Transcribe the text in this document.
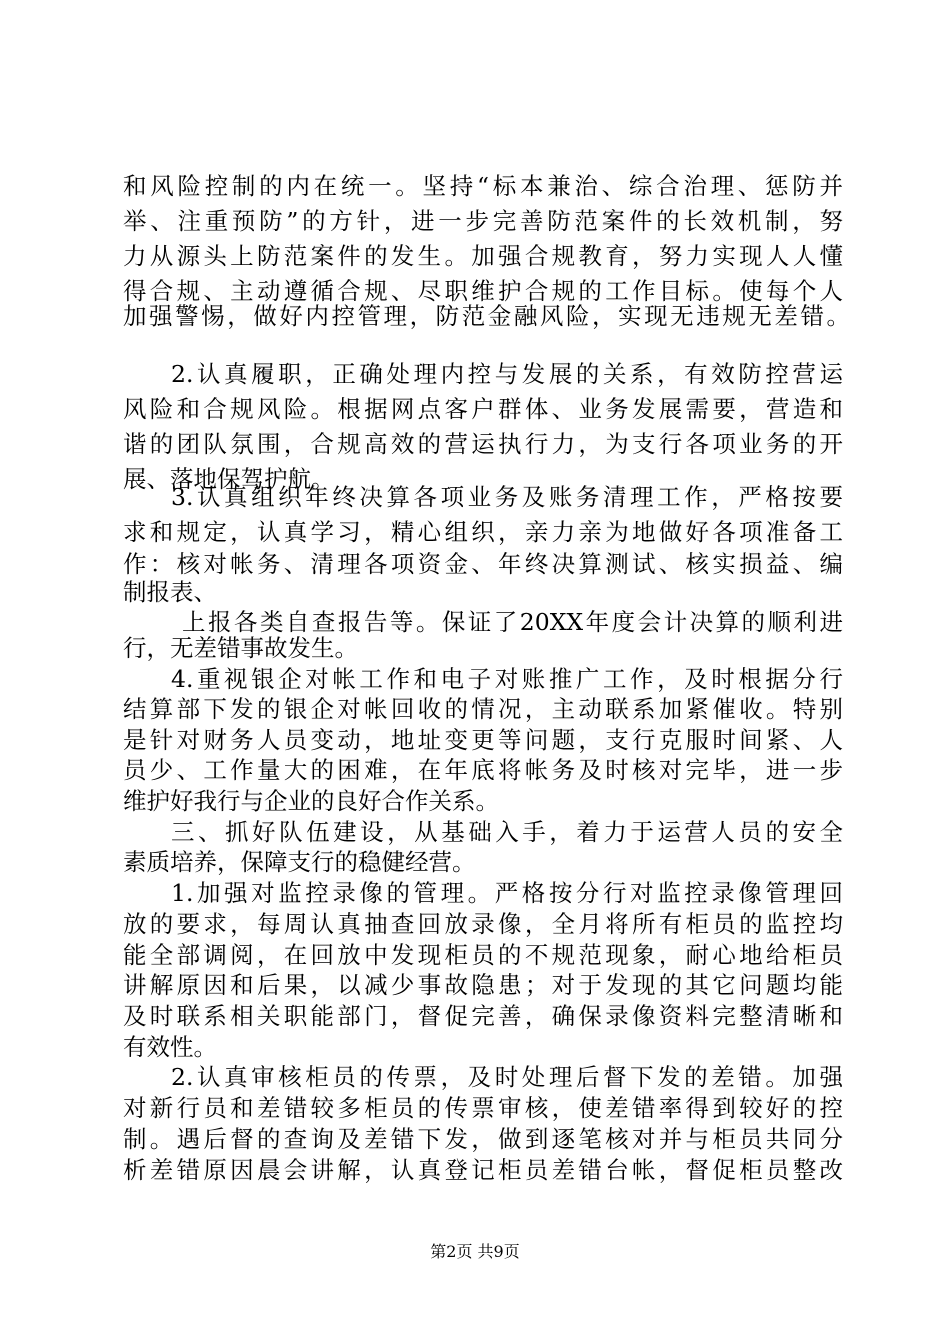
和风险控制的内在统一。坚持“标本兼治、综合治理、惩防并
举、注重预防”的方针，进一步完善防范案件的长效机制，努
力从源头上防范案件的发生。加强合规教育，努力实现人人懂
得合规、主动遵循合规、尽职维护合规的工作目标。使每个人
加强警惕，做好内控管理，防范金融风险，实现无违规无差错。
2.认真履职，正确处理内控与发展的关系，有效防控营运
风险和合规风险。根据网点客户群体、业务发展需要，营造和
谐的团队氛围，合规高效的营运执行力，为支行各项业务的开
展、落地保驾护航。
3.认真组织年终决算各项业务及账务清理工作，严格按要
求和规定，认真学习，精心组织，亲力亲为地做好各项准备工
作：核对帐务、清理各项资金、年终决算测试、核实损益、编
制报表、
上报各类自查报告等。保证了20XX年度会计决算的顺利进
行，无差错事故发生。
4.重视银企对帐工作和电子对账推广工作，及时根据分行
结算部下发的银企对帐回收的情况，主动联系加紧催收。特别
是针对财务人员变动，地址变更等问题，支行克服时间紧、人
员少、工作量大的困难，在年底将帐务及时核对完毕，进一步
维护好我行与企业的良好合作关系。
三、抓好队伍建设，从基础入手，着力于运营人员的安全
素质培养，保障支行的稳健经营。
1.加强对监控录像的管理。严格按分行对监控录像管理回
放的要求，每周认真抽查回放录像，全月将所有柜员的监控均
能全部调阅，在回放中发现柜员的不规范现象，耐心地给柜员
讲解原因和后果，以减少事故隐患；对于发现的其它问题均能
及时联系相关职能部门，督促完善，确保录像资料完整清晰和
有效性。
2.认真审核柜员的传票，及时处理后督下发的差错。加强
对新行员和差错较多柜员的传票审核，使差错率得到较好的控
制。遇后督的查询及差错下发，做到逐笔核对并与柜员共同分
析差错原因晨会讲解，认真登记柜员差错台帐，督促柜员整改
第2页 共9页
